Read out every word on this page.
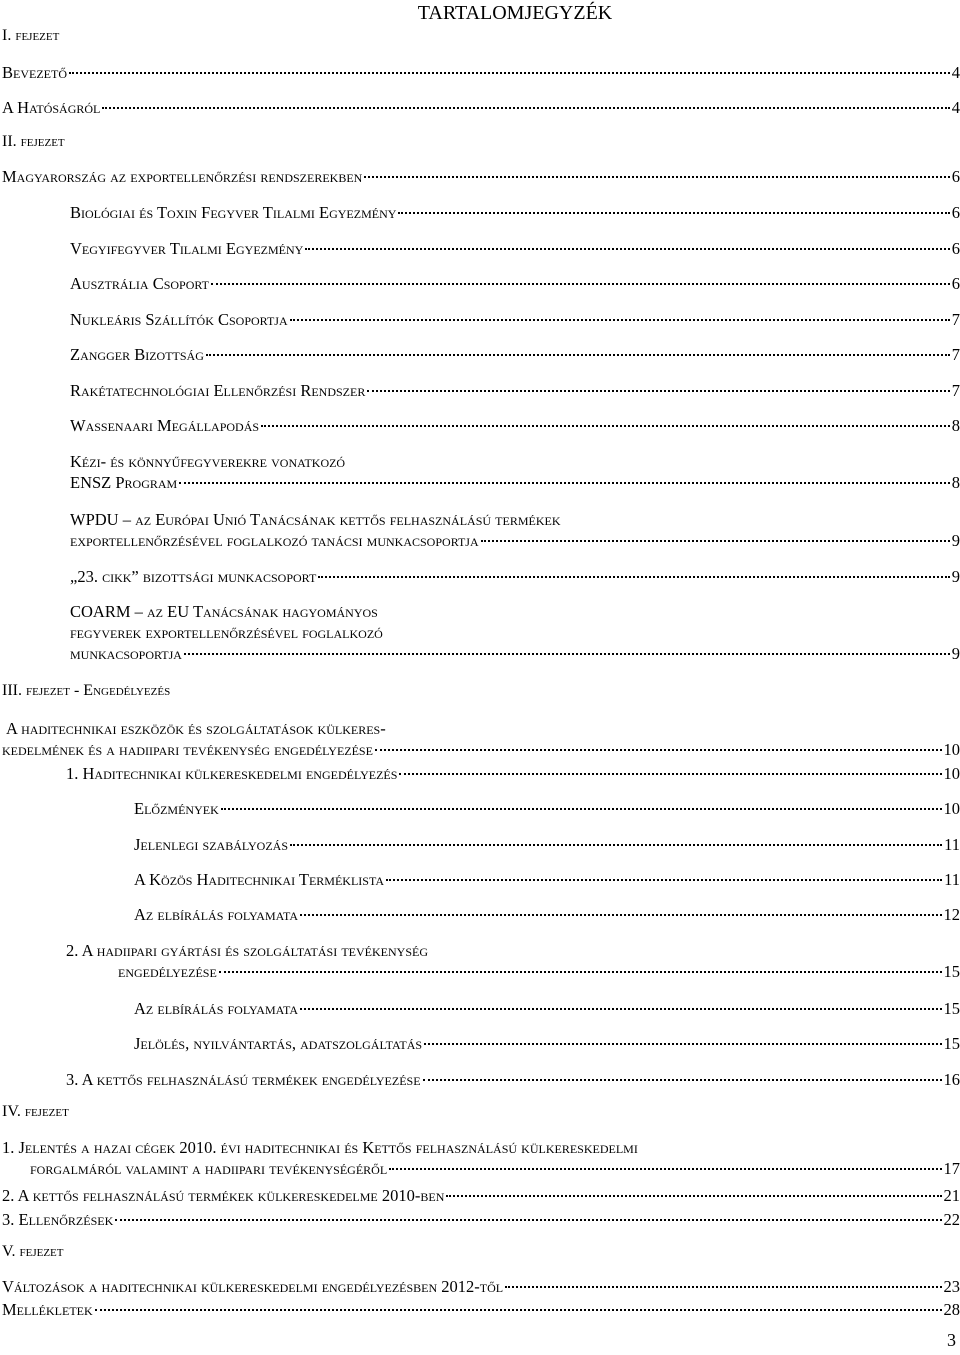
TARTALOMJEGYZÉK
I. fejezet
Bevezető	4
A Hatóságról	4
II. fejezet
Magyarország az exportellenőrzési rendszerekben	6
Biológiai és Toxin Fegyver Tilalmi Egyezmény	6
Vegyifegyver Tilalmi Egyezmény	6
Ausztrália Csoport	6
Nukleáris Szállítók Csoportja	7
Zangger Bizottság	7
Rakétatechnológiai Ellenőrzési Rendszer	7
Wassenaari Megállapodás	8
Kézi- és könnyűfegyverekre vonatkozó
ENSZ Program	8
WPDU – az Európai Unió Tanácsának kettős felhasználású termékek
exportellenőrzésével foglalkozó tanácsi munkacsoportja	9
„23. cikk” bizottsági munkacsoport	9
COARM – az EU Tanácsának hagyományos
fegyverek exportellenőrzésével foglalkozó
munkacsoportja	9
III. fejezet - Engedélyezés
A haditechnikai eszközök és szolgáltatások külkeres-
kedelmének és a hadiipari tevékenység engedélyezése	10
1. Haditechnikai külkereskedelmi engedélyezés	10
Előzmények	10
Jelenlegi szabályozás	11
A Közös Haditechnikai Terméklista	11
Az elbírálás folyamata	12
2. A hadiipari gyártási és szolgáltatási tevékenység
engedélyezése	15
Az elbírálás folyamata	15
Jelölés, nyilvántartás, adatszolgáltatás	15
3. A kettős felhasználású termékek engedélyezése	16
IV. fejezet
1. Jelentés a hazai cégek 2010. évi haditechnikai és Kettős felhasználású külkereskedelmi
forgalmáról valamint a hadiipari tevékenységéről	17
2. A kettős felhasználású termékek külkereskedelme 2010-ben	21
3. Ellenőrzések	22
V. fejezet
Változások a haditechnikai külkereskedelmi engedélyezésben 2012-től	23
Mellékletek	28
3
